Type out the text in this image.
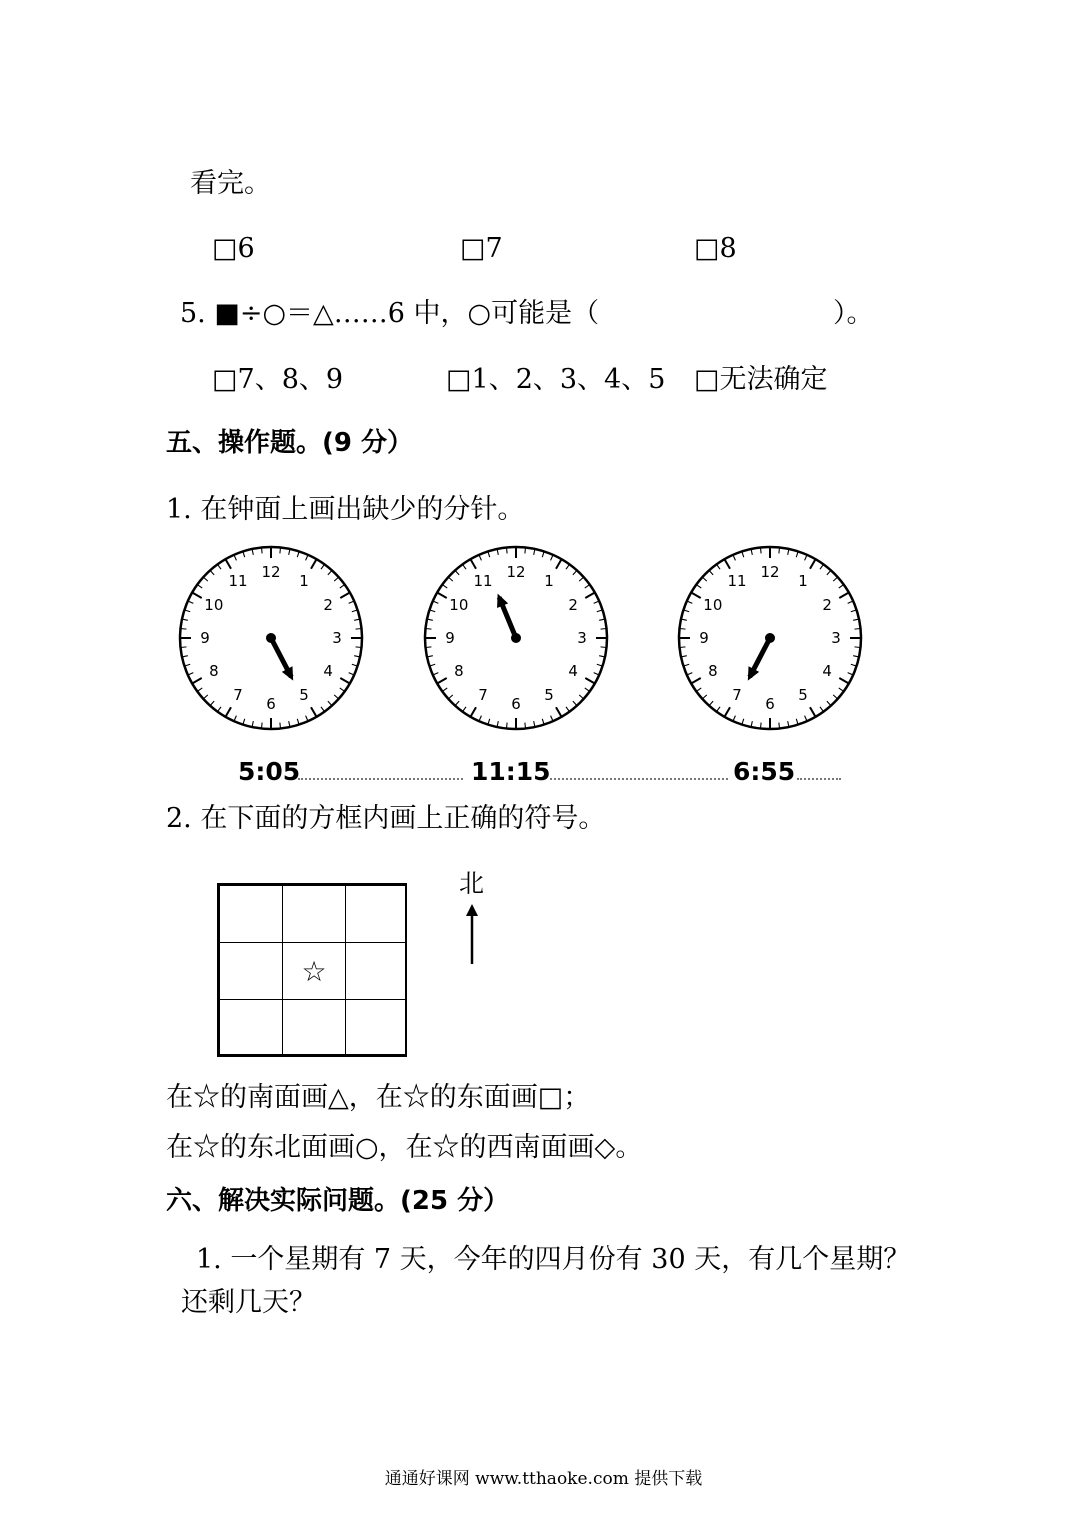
看完。
□6	□7	□8
5. ■÷○＝△……6 中，○可能是（	）。
□7、8、9	□1、2、3、4、5 □无法确定
五、操作题。(9 分）
1. 在钟面上画出缺少的分针。
12 1
2
3
4
5
6
7
8
9
10
11	12 1
2
3
4
5
6
7
8
9
10
11	12 1
2
3
4
5
6
7
8
9
10
11
5:05	11:15	6:55
2. 在下面的方框内画上正确的符号。
☆
北
在☆的南面画△，在☆的东面画□；
在☆的东北面画○，在☆的西南面画◇。
六、解决实际问题。(25 分）
1. 一个星期有 7 天，今年的四月份有 30 天，有几个星期？
还剩几天？
通通好课网 www.tthaoke.com 提供下载
